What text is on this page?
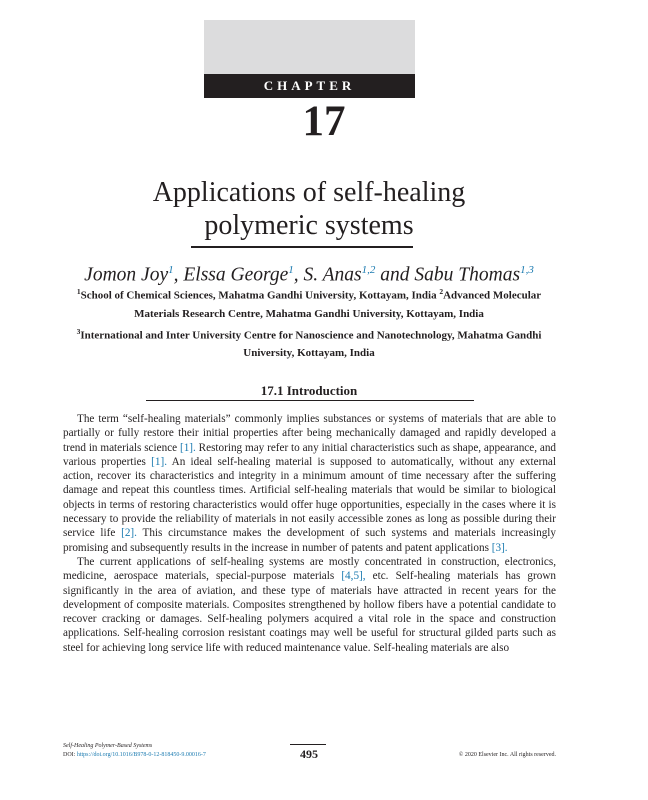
CHAPTER
17
Applications of self-healing
polymeric systems
Jomon Joy$^1$, Elssa George$^1$, S. Anas$^{1,2}$ and Sabu Thomas$^{1,3}$
$^1$School of Chemical Sciences, Mahatma Gandhi University, Kottayam, India $^2$Advanced Molecular Materials Research Centre, Mahatma Gandhi University, Kottayam, India
$^3$International and Inter University Centre for Nanoscience and Nanotechnology, Mahatma Gandhi University, Kottayam, India
17.1 Introduction

The term “self-healing materials” commonly implies substances or systems of materials that are able to partially or fully restore their initial properties after being mechanically damaged and rapidly developed a trend in materials science [1]. Restoring may refer to any initial characteristics such as shape, appearance, and various properties [1]. An ideal self-healing material is supposed to automatically, without any external action, recover its characteristics and integrity in a minimum amount of time necessary after the suffering damage and repeat this countless times. Artificial self-healing materials that would be similar to biological objects in terms of restoring characteristics would offer huge opportunities, especially in the cases where it is necessary to provide the reliability of materials in not easily accessible zones as long as possible during their service life [2]. This circumstance makes the development of such systems and materials increasingly promising and subsequently results in the increase in number of patents and patent applications [3].

The current applications of self-healing systems are mostly concentrated in construction, electronics, medicine, aerospace materials, special-purpose materials [4,5], etc. Self-healing materials has grown significantly in the area of aviation, and these type of materials have attracted in recent years for the development of composite materials. Composites strengthened by hollow fibers have a potential candidate to recover cracking or damages. Self-healing polymers acquired a vital role in the space and construction applications. Self-healing corrosion resistant coatings may well be useful for structural gilded parts such as steel for achieving long service life with reduced maintenance value. Self-healing materials are also

Self-Healing Polymer-Based Systems
DOI: https://doi.org/10.1016/B978-0-12-818450-9.00016-7	495	© 2020 Elsevier Inc. All rights reserved.
